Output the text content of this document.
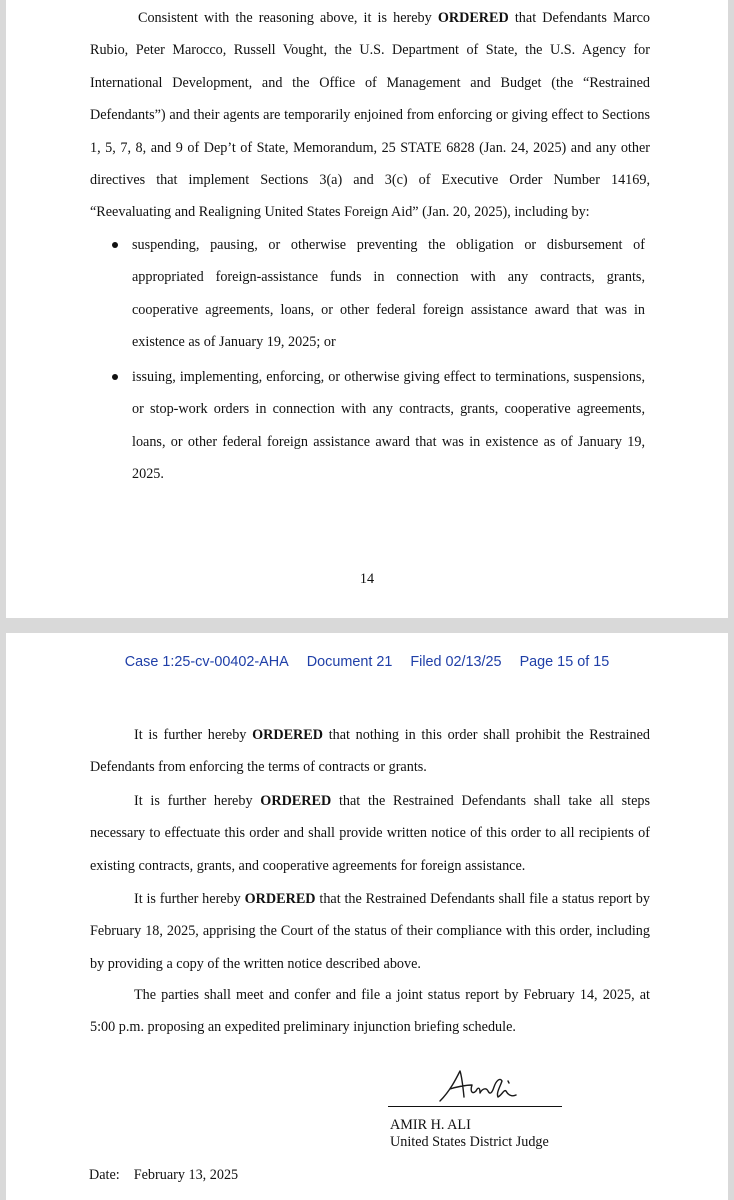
Consistent with the reasoning above, it is hereby ORDERED that Defendants Marco Rubio, Peter Marocco, Russell Vought, the U.S. Department of State, the U.S. Agency for International Development, and the Office of Management and Budget (the “Restrained Defendants”) and their agents are temporarily enjoined from enforcing or giving effect to Sections 1, 5, 7, 8, and 9 of Dep’t of State, Memorandum, 25 STATE 6828 (Jan. 24, 2025) and any other directives that implement Sections 3(a) and 3(c) of Executive Order Number 14169, “Reevaluating and Realigning United States Foreign Aid” (Jan. 20, 2025), including by:

suspending, pausing, or otherwise preventing the obligation or disbursement of appropriated foreign-assistance funds in connection with any contracts, grants, cooperative agreements, loans, or other federal foreign assistance award that was in existence as of January 19, 2025; or

issuing, implementing, enforcing, or otherwise giving effect to terminations, suspensions, or stop-work orders in connection with any contracts, grants, cooperative agreements, loans, or other federal foreign assistance award that was in existence as of January 19, 2025.

14
Case 1:25-cv-00402-AHA Document 21 Filed 02/13/25 Page 15 of 15

It is further hereby ORDERED that nothing in this order shall prohibit the Restrained Defendants from enforcing the terms of contracts or grants.

It is further hereby ORDERED that the Restrained Defendants shall take all steps necessary to effectuate this order and shall provide written notice of this order to all recipients of existing contracts, grants, and cooperative agreements for foreign assistance.

It is further hereby ORDERED that the Restrained Defendants shall file a status report by February 18, 2025, apprising the Court of the status of their compliance with this order, including by providing a copy of the written notice described above.

The parties shall meet and confer and file a joint status report by February 14, 2025, at 5:00 p.m. proposing an expedited preliminary injunction briefing schedule.

AMIR H. ALI
United States District Judge
Date: February 13, 2025
